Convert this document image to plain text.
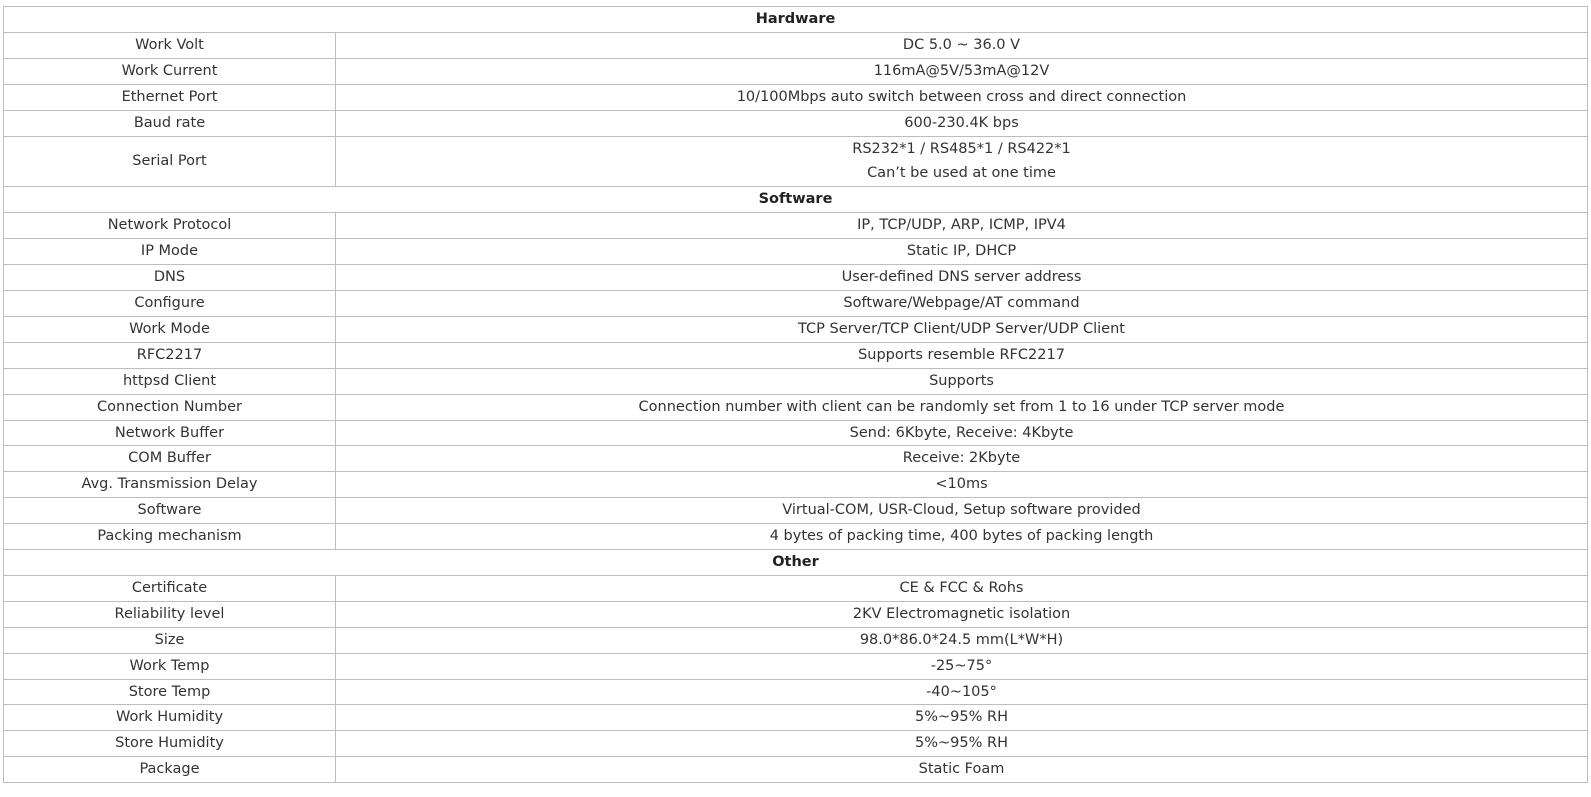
Hardware	
Work Volt	DC 5.0 ~ 36.0 V
Work Current	116mA@5V/53mA@12V
Ethernet Port	10/100Mbps auto switch between cross and direct connection
Baud rate	600-230.4K bps
Serial Port	RS232*1 / RS485*1 / RS422*1
Can’t be used at one time

Software	
Network Protocol	IP, TCP/UDP, ARP, ICMP, IPV4
IP Mode	Static IP, DHCP
DNS	User-defined DNS server address
Configure	Software/Webpage/AT command
Work Mode	TCP Server/TCP Client/UDP Server/UDP Client
RFC2217	Supports resemble RFC2217
httpsd Client	Supports
Connection Number	Connection number with client can be randomly set from 1 to 16 under TCP server mode
Network Buffer	Send: 6Kbyte, Receive: 4Kbyte
COM Buffer	Receive: 2Kbyte
Avg. Transmission Delay	<10ms
Software	Virtual-COM, USR-Cloud, Setup software provided
Packing mechanism	4 bytes of packing time, 400 bytes of packing length
Other	
Certificate	CE & FCC & Rohs
Reliability level	2KV Electromagnetic isolation
Size	98.0*86.0*24.5 mm(L*W*H)
Work Temp	-25~75°
Store Temp	-40~105°
Work Humidity	5%~95% RH
Store Humidity	5%~95% RH
Package	Static Foam
